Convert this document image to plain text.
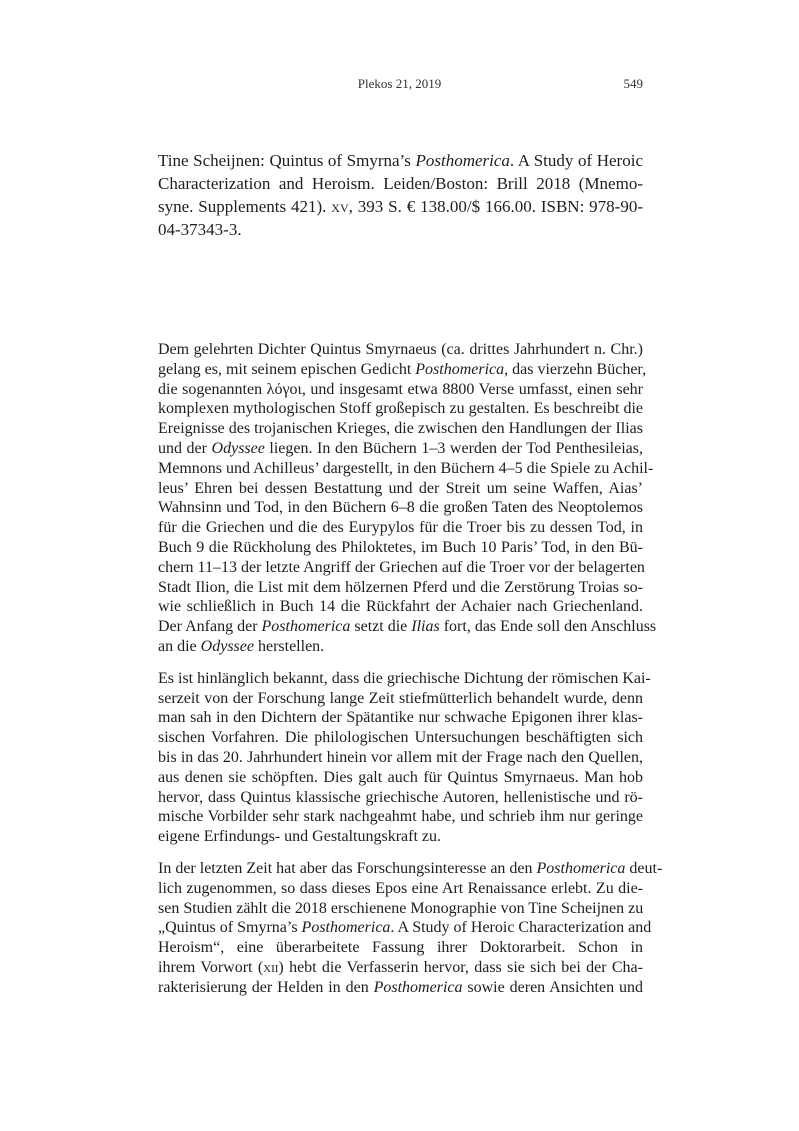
Plekos 21, 2019	549
Tine Scheijnen: Quintus of Smyrna’s Posthomerica. A Study of Heroic
Characterization and Heroism. Leiden/Boston: Brill 2018 (Mnemo-
syne. Supplements 421). xv, 393 S. € 138.00/$ 166.00. ISBN: 978-90-
04-37343-3.
Dem gelehrten Dichter Quintus Smyrnaeus (ca. drittes Jahrhundert n. Chr.)
gelang es, mit seinem epischen Gedicht Posthomerica, das vierzehn Bücher,
die sogenannten λόγοι, und insgesamt etwa 8800 Verse umfasst, einen sehr
komplexen mythologischen Stoff großepisch zu gestalten. Es beschreibt die
Ereignisse des trojanischen Krieges, die zwischen den Handlungen der Ilias
und der Odyssee liegen. In den Büchern 1–3 werden der Tod Penthesileias,
Memnons und Achilleus’ dargestellt, in den Büchern 4–5 die Spiele zu Achil-
leus’ Ehren bei dessen Bestattung und der Streit um seine Waffen, Aias’
Wahnsinn und Tod, in den Büchern 6–8 die großen Taten des Neoptolemos
für die Griechen und die des Eurypylos für die Troer bis zu dessen Tod, in
Buch 9 die Rückholung des Philoktetes, im Buch 10 Paris’ Tod, in den Bü-
chern 11–13 der letzte Angriff der Griechen auf die Troer vor der belagerten
Stadt Ilion, die List mit dem hölzernen Pferd und die Zerstörung Troias so-
wie schließlich in Buch 14 die Rückfahrt der Achaier nach Griechenland.
Der Anfang der Posthomerica setzt die Ilias fort, das Ende soll den Anschluss
an die Odyssee herstellen.
Es ist hinlänglich bekannt, dass die griechische Dichtung der römischen Kai-
serzeit von der Forschung lange Zeit stiefmütterlich behandelt wurde, denn
man sah in den Dichtern der Spätantike nur schwache Epigonen ihrer klas-
sischen Vorfahren. Die philologischen Untersuchungen beschäftigten sich
bis in das 20. Jahrhundert hinein vor allem mit der Frage nach den Quellen,
aus denen sie schöpften. Dies galt auch für Quintus Smyrnaeus. Man hob
hervor, dass Quintus klassische griechische Autoren, hellenistische und rö-
mische Vorbilder sehr stark nachgeahmt habe, und schrieb ihm nur geringe
eigene Erfindungs- und Gestaltungskraft zu.
In der letzten Zeit hat aber das Forschungsinteresse an den Posthomerica deut-
lich zugenommen, so dass dieses Epos eine Art Renaissance erlebt. Zu die-
sen Studien zählt die 2018 erschienene Monographie von Tine Scheijnen zu
„Quintus of Smyrna’s Posthomerica. A Study of Heroic Characterization and
Heroism“, eine überarbeitete Fassung ihrer Doktorarbeit. Schon in
ihrem Vorwort (xii) hebt die Verfasserin hervor, dass sie sich bei der Cha-
rakterisierung der Helden in den Posthomerica sowie deren Ansichten und
